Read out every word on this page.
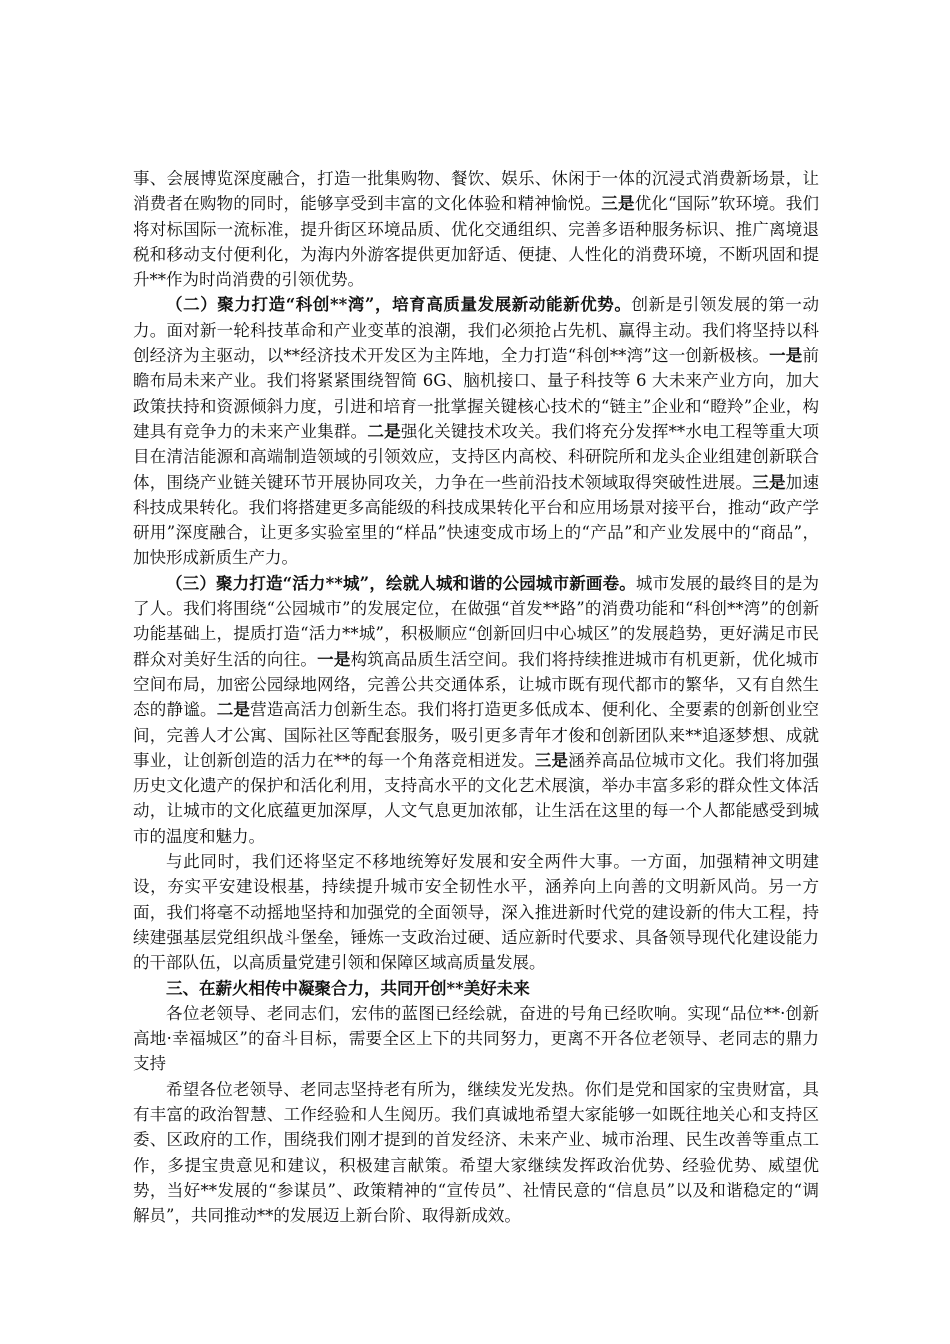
事、会展博览深度融合，打造一批集购物、餐饮、娱乐、休闲于一体的沉浸式消费新场景，让消费者在购物的同时，能够享受到丰富的文化体验和精神愉悦。三是优化“国际”软环境。我们将对标国际一流标准，提升街区环境品质、优化交通组织、完善多语种服务标识、推广离境退税和移动支付便利化，为海内外游客提供更加舒适、便捷、人性化的消费环境，不断巩固和提升**作为时尚消费的引领优势。

（二）聚力打造“科创**湾”，培育高质量发展新动能新优势。创新是引领发展的第一动力。面对新一轮科技革命和产业变革的浪潮，我们必须抢占先机、赢得主动。我们将坚持以科创经济为主驱动，以**经济技术开发区为主阵地，全力打造“科创**湾”这一创新极核。一是前瞻布局未来产业。我们将紧紧围绕智简 6G、脑机接口、量子科技等 6 大未来产业方向，加大政策扶持和资源倾斜力度，引进和培育一批掌握关键核心技术的“链主”企业和“瞪羚”企业，构建具有竞争力的未来产业集群。二是强化关键技术攻关。我们将充分发挥**水电工程等重大项目在清洁能源和高端制造领域的引领效应，支持区内高校、科研院所和龙头企业组建创新联合体，围绕产业链关键环节开展协同攻关，力争在一些前沿技术领域取得突破性进展。三是加速科技成果转化。我们将搭建更多高能级的科技成果转化平台和应用场景对接平台，推动“政产学研用”深度融合，让更多实验室里的“样品”快速变成市场上的“产品”和产业发展中的“商品”，加快形成新质生产力。

（三）聚力打造“活力**城”，绘就人城和谐的公园城市新画卷。城市发展的最终目的是为了人。我们将围绕“公园城市”的发展定位，在做强“首发**路”的消费功能和“科创**湾”的创新功能基础上，提质打造“活力**城”，积极顺应“创新回归中心城区”的发展趋势，更好满足市民群众对美好生活的向往。一是构筑高品质生活空间。我们将持续推进城市有机更新，优化城市空间布局，加密公园绿地网络，完善公共交通体系，让城市既有现代都市的繁华，又有自然生态的静谧。二是营造高活力创新生态。我们将打造更多低成本、便利化、全要素的创新创业空间，完善人才公寓、国际社区等配套服务，吸引更多青年才俊和创新团队来**追逐梦想、成就事业，让创新创造的活力在**的每一个角落竞相迸发。三是涵养高品位城市文化。我们将加强历史文化遗产的保护和活化利用，支持高水平的文化艺术展演，举办丰富多彩的群众性文体活动，让城市的文化底蕴更加深厚，人文气息更加浓郁，让生活在这里的每一个人都能感受到城市的温度和魅力。

与此同时，我们还将坚定不移地统筹好发展和安全两件大事。一方面，加强精神文明建设，夯实平安建设根基，持续提升城市安全韧性水平，涵养向上向善的文明新风尚。另一方面，我们将毫不动摇地坚持和加强党的全面领导，深入推进新时代党的建设新的伟大工程，持续建强基层党组织战斗堡垒，锤炼一支政治过硬、适应新时代要求、具备领导现代化建设能力的干部队伍，以高质量党建引领和保障区域高质量发展。

三、在薪火相传中凝聚合力，共同开创**美好未来

各位老领导、老同志们，宏伟的蓝图已经绘就，奋进的号角已经吹响。实现“品位**·创新高地·幸福城区”的奋斗目标，需要全区上下的共同努力，更离不开各位老领导、老同志的鼎力支持

希望各位老领导、老同志坚持老有所为，继续发光发热。你们是党和国家的宝贵财富，具有丰富的政治智慧、工作经验和人生阅历。我们真诚地希望大家能够一如既往地关心和支持区委、区政府的工作，围绕我们刚才提到的首发经济、未来产业、城市治理、民生改善等重点工作，多提宝贵意见和建议，积极建言献策。希望大家继续发挥政治优势、经验优势、威望优势，当好**发展的“参谋员”、政策精神的“宣传员”、社情民意的“信息员”以及和谐稳定的“调解员”，共同推动**的发展迈上新台阶、取得新成效。
